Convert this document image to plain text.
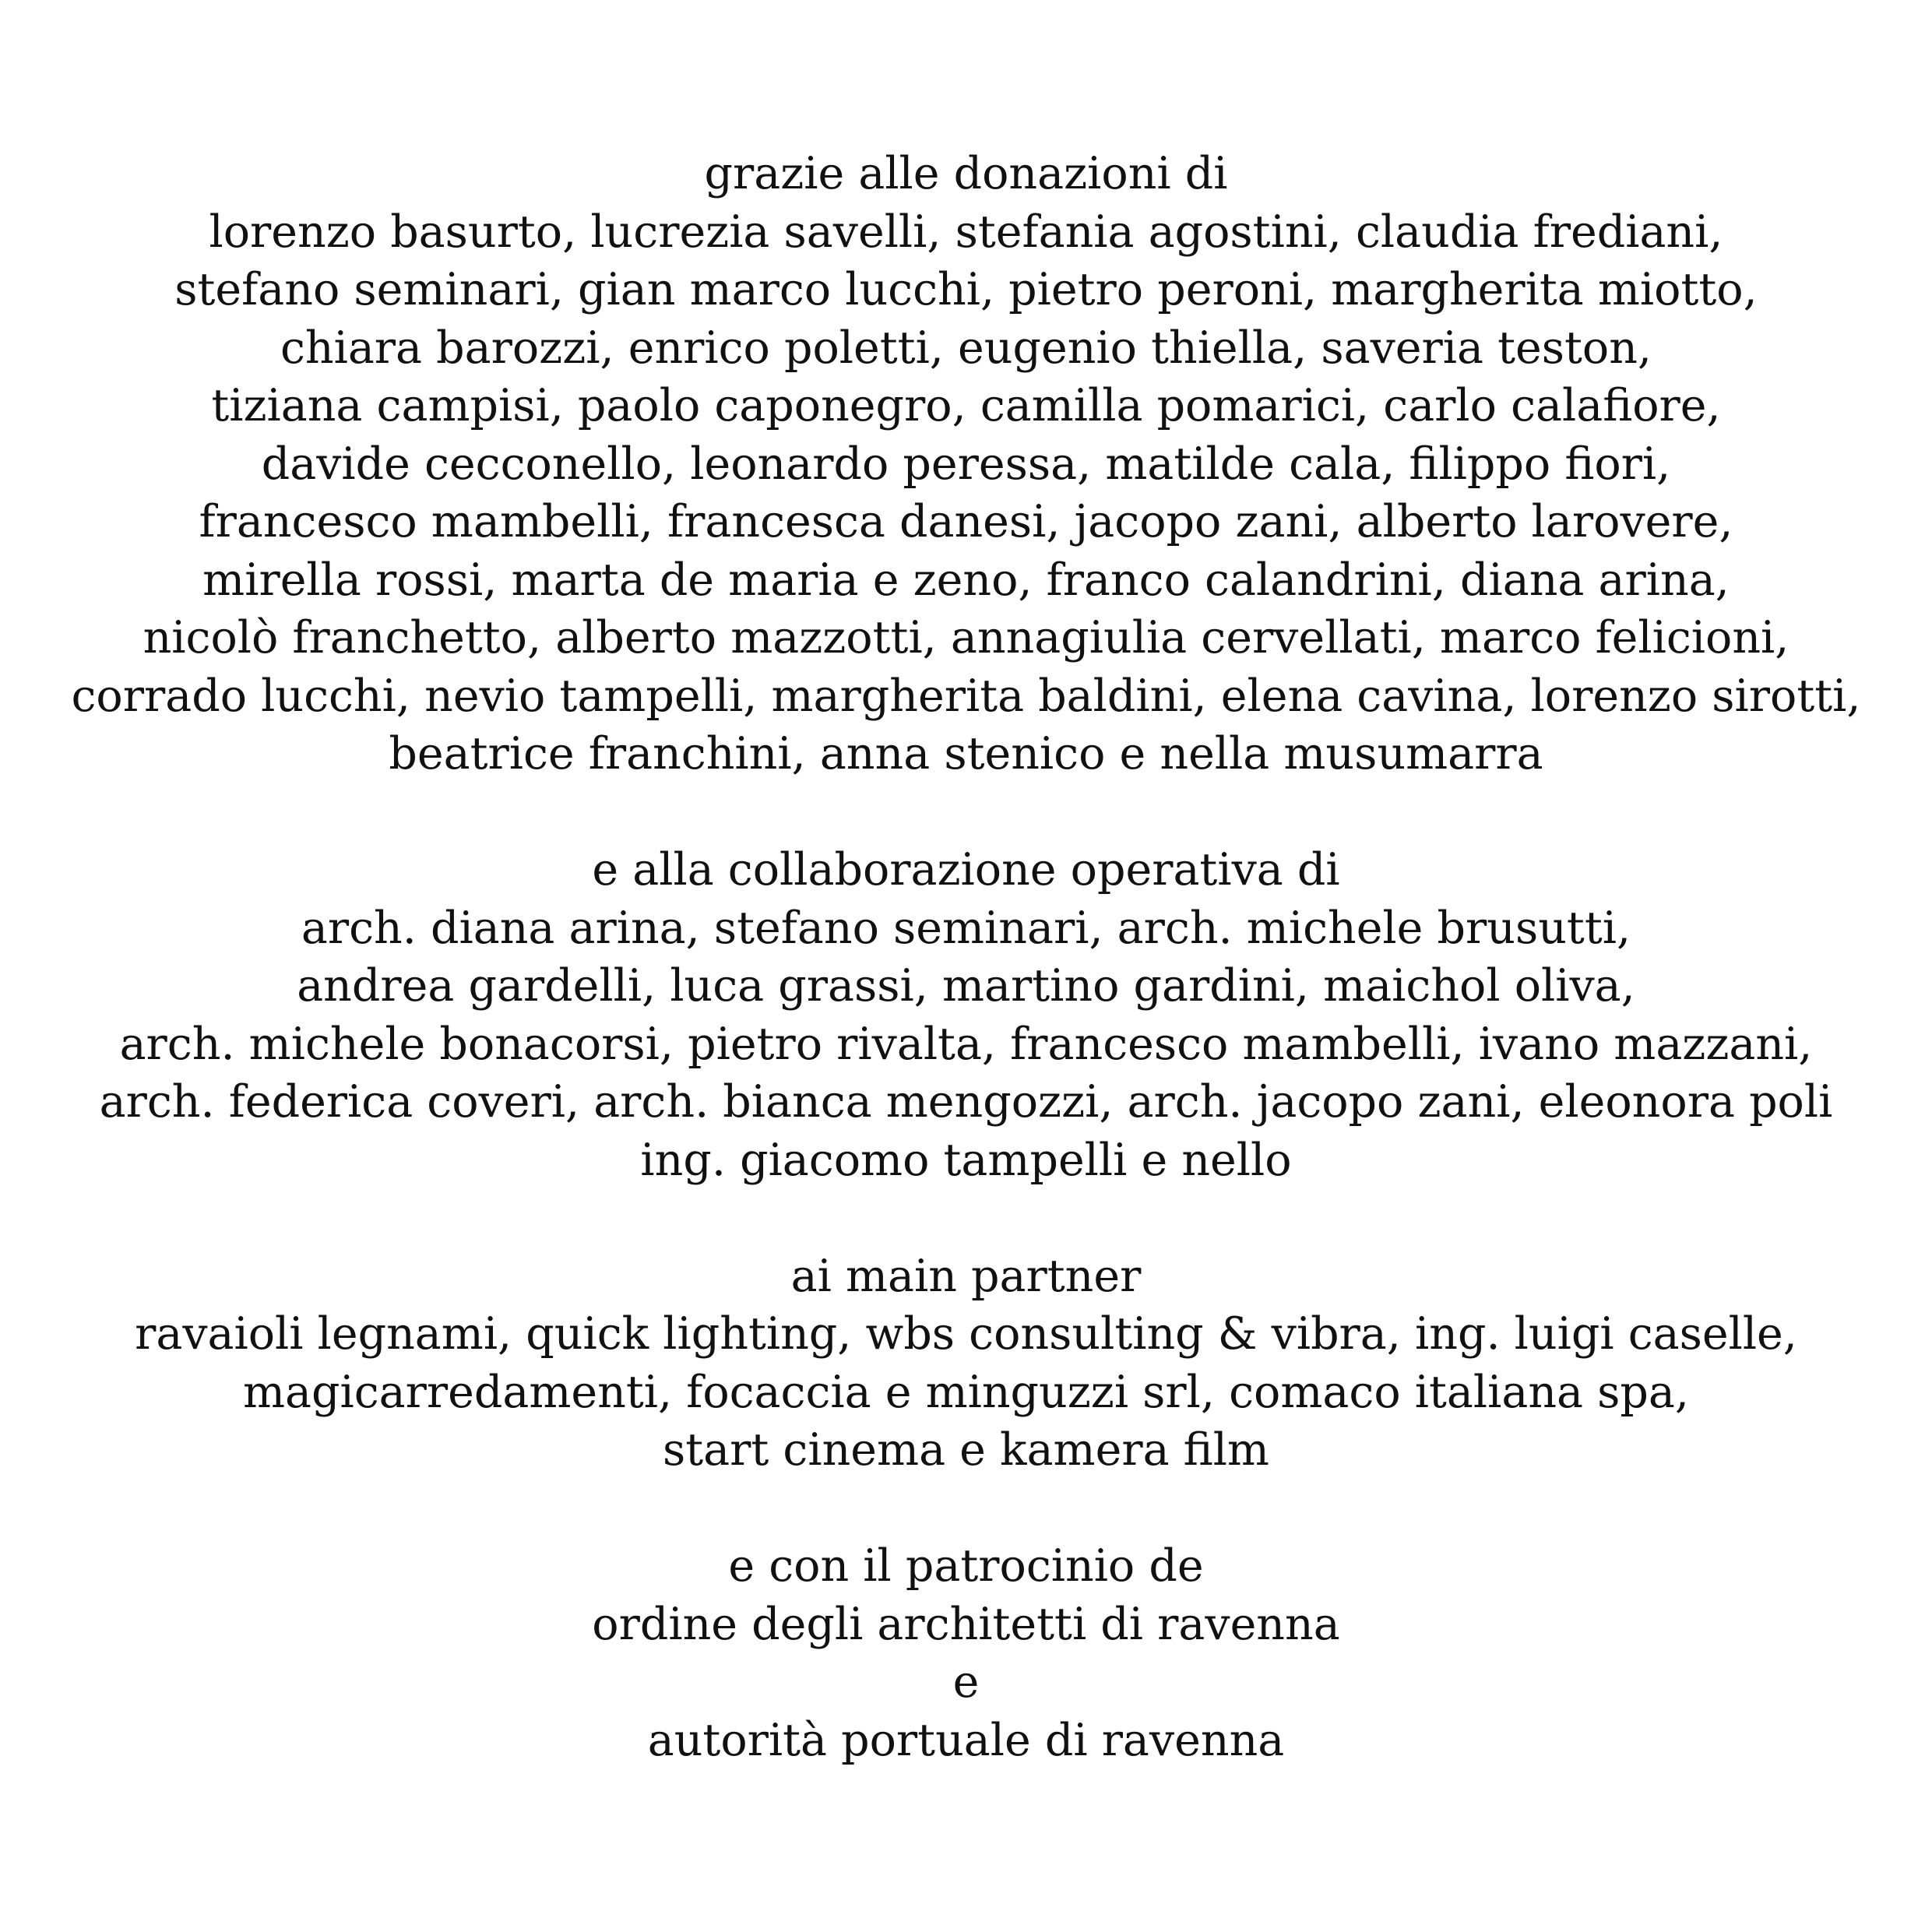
grazie alle donazioni di
lorenzo basurto, lucrezia savelli, stefania agostini, claudia frediani,
stefano seminari, gian marco lucchi, pietro peroni, margherita miotto,
chiara barozzi, enrico poletti, eugenio thiella, saveria teston,
tiziana campisi, paolo caponegro, camilla pomarici, carlo calafiore,
davide cecconello, leonardo peressa, matilde cala, filippo fiori,
francesco mambelli, francesca danesi, jacopo zani, alberto larovere,
mirella rossi, marta de maria e zeno, franco calandrini, diana arina,
nicolò franchetto, alberto mazzotti, annagiulia cervellati, marco felicioni,
corrado lucchi, nevio tampelli, margherita baldini, elena cavina, lorenzo sirotti,
beatrice franchini, anna stenico e nella musumarra
e alla collaborazione operativa di
arch. diana arina, stefano seminari, arch. michele brusutti,
andrea gardelli, luca grassi, martino gardini, maichol oliva,
arch. michele bonacorsi, pietro rivalta, francesco mambelli, ivano mazzani,
arch. federica coveri, arch. bianca mengozzi, arch. jacopo zani, eleonora poli
ing. giacomo tampelli e nello
ai main partner
ravaioli legnami, quick lighting, wbs consulting & vibra, ing. luigi caselle,
magicarredamenti, focaccia e minguzzi srl, comaco italiana spa,
start cinema e kamera film
e con il patrocinio de
ordine degli architetti di ravenna
e
autorità portuale di ravenna
